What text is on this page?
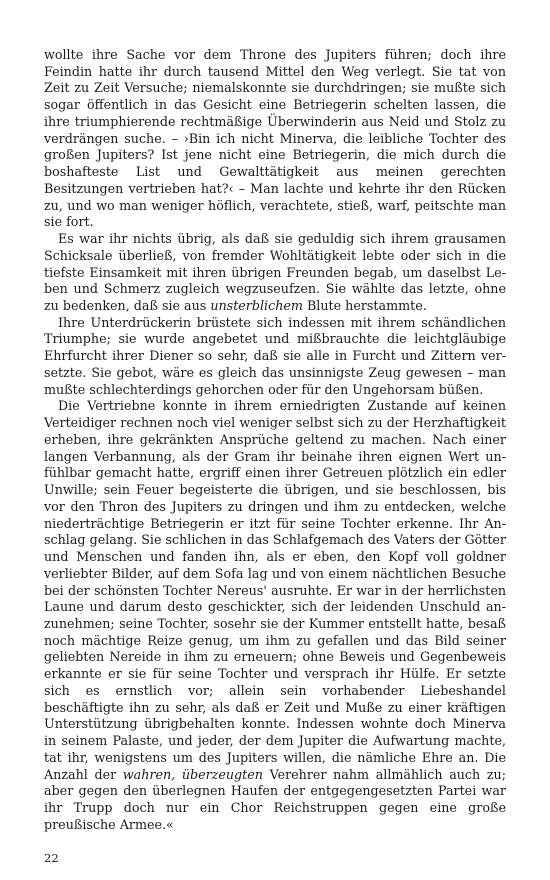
wollte ihre Sache vor dem Throne des Jupiters führen; doch ihre Feindin hatte ihr durch tausend Mittel den Weg verlegt. Sie tat von Zeit zu Zeit Versuche; niemalskonnte sie durchdringen; sie mußte sich sogar öffentlich in das Gesicht eine Betriegerin schelten lassen, die ihre triumphierende rechtmäßige Überwinderin aus Neid und Stolz zu verdrängen suche. – ›Bin ich nicht Minerva, die leibliche Tochter des großen Jupiters? Ist jene nicht eine Betriegerin, die mich durch die boshafteste List und Gewalttätigkeit aus meinen gerechten Besitzungen vertrieben hat?‹ – Man lachte und kehrte ihr den Rücken zu, und wo man weniger höflich, verachtete, stieß, warf, peitschte man sie fort.

Es war ihr nichts übrig, als daß sie geduldig sich ihrem grausamen Schicksale überließ, von fremder Wohltätigkeit lebte oder sich in die tiefste Einsamkeit mit ihren übrigen Freunden begab, um daselbst Leben und Schmerz zugleich wegzuseufzen. Sie wählte das letzte, ohne zu bedenken, daß sie aus unsterblichem Blute herstammte.

Ihre Unterdrückerin brüstete sich indessen mit ihrem schändlichen Triumphe; sie wurde angebetet und mißbrauchte die leichtgläubige Ehrfurcht ihrer Diener so sehr, daß sie alle in Furcht und Zittern versetzte. Sie gebot, wäre es gleich das unsinnigste Zeug gewesen – man mußte schlechterdings gehorchen oder für den Ungehorsam büßen.

Die Vertriebne konnte in ihrem erniedrigten Zustande auf keinen Verteidiger rechnen noch viel weniger selbst sich zu der Herzhaftigkeit erheben, ihre gekränkten Ansprüche geltend zu machen. Nach einer langen Verbannung, als der Gram ihr beinahe ihren eignen Wert unfühlbar gemacht hatte, ergriff einen ihrer Getreuen plötzlich ein edler Unwille; sein Feuer begeisterte die übrigen, und sie beschlossen, bis vor den Thron des Jupiters zu dringen und ihm zu entdecken, welche niederträchtige Betriegerin er itzt für seine Tochter erkenne. Ihr Anschlag gelang. Sie schlichen in das Schlafgemach des Vaters der Götter und Menschen und fanden ihn, als er eben, den Kopf voll goldner verliebter Bilder, auf dem Sofa lag und von einem nächtlichen Besuche bei der schönsten Tochter Nereus' ausruhte. Er war in der herrlichsten Laune und darum desto geschickter, sich der leidenden Unschuld anzunehmen; seine Tochter, sosehr sie der Kummer entstellt hatte, besaß noch mächtige Reize genug, um ihm zu gefallen und das Bild seiner geliebten Nereide in ihm zu erneuern; ohne Beweis und Gegenbeweis erkannte er sie für seine Tochter und versprach ihr Hülfe. Er setzte sich es ernstlich vor; allein sein vorhabender Liebeshandel beschäftigte ihn zu sehr, als daß er Zeit und Muße zu einer kräftigen Unterstützung übrigbehalten konnte. Indessen wohnte doch Minerva in seinem Palaste, und jeder, der dem Jupiter die Aufwartung machte, tat ihr, wenigstens um des Jupiters willen, die nämliche Ehre an. Die Anzahl der wahren, überzeugten Verehrer nahm allmählich auch zu; aber gegen den überlegnen Haufen der entgegengesetzten Partei war ihr Trupp doch nur ein Chor Reichstruppen gegen eine große preußische Armee.«

22
